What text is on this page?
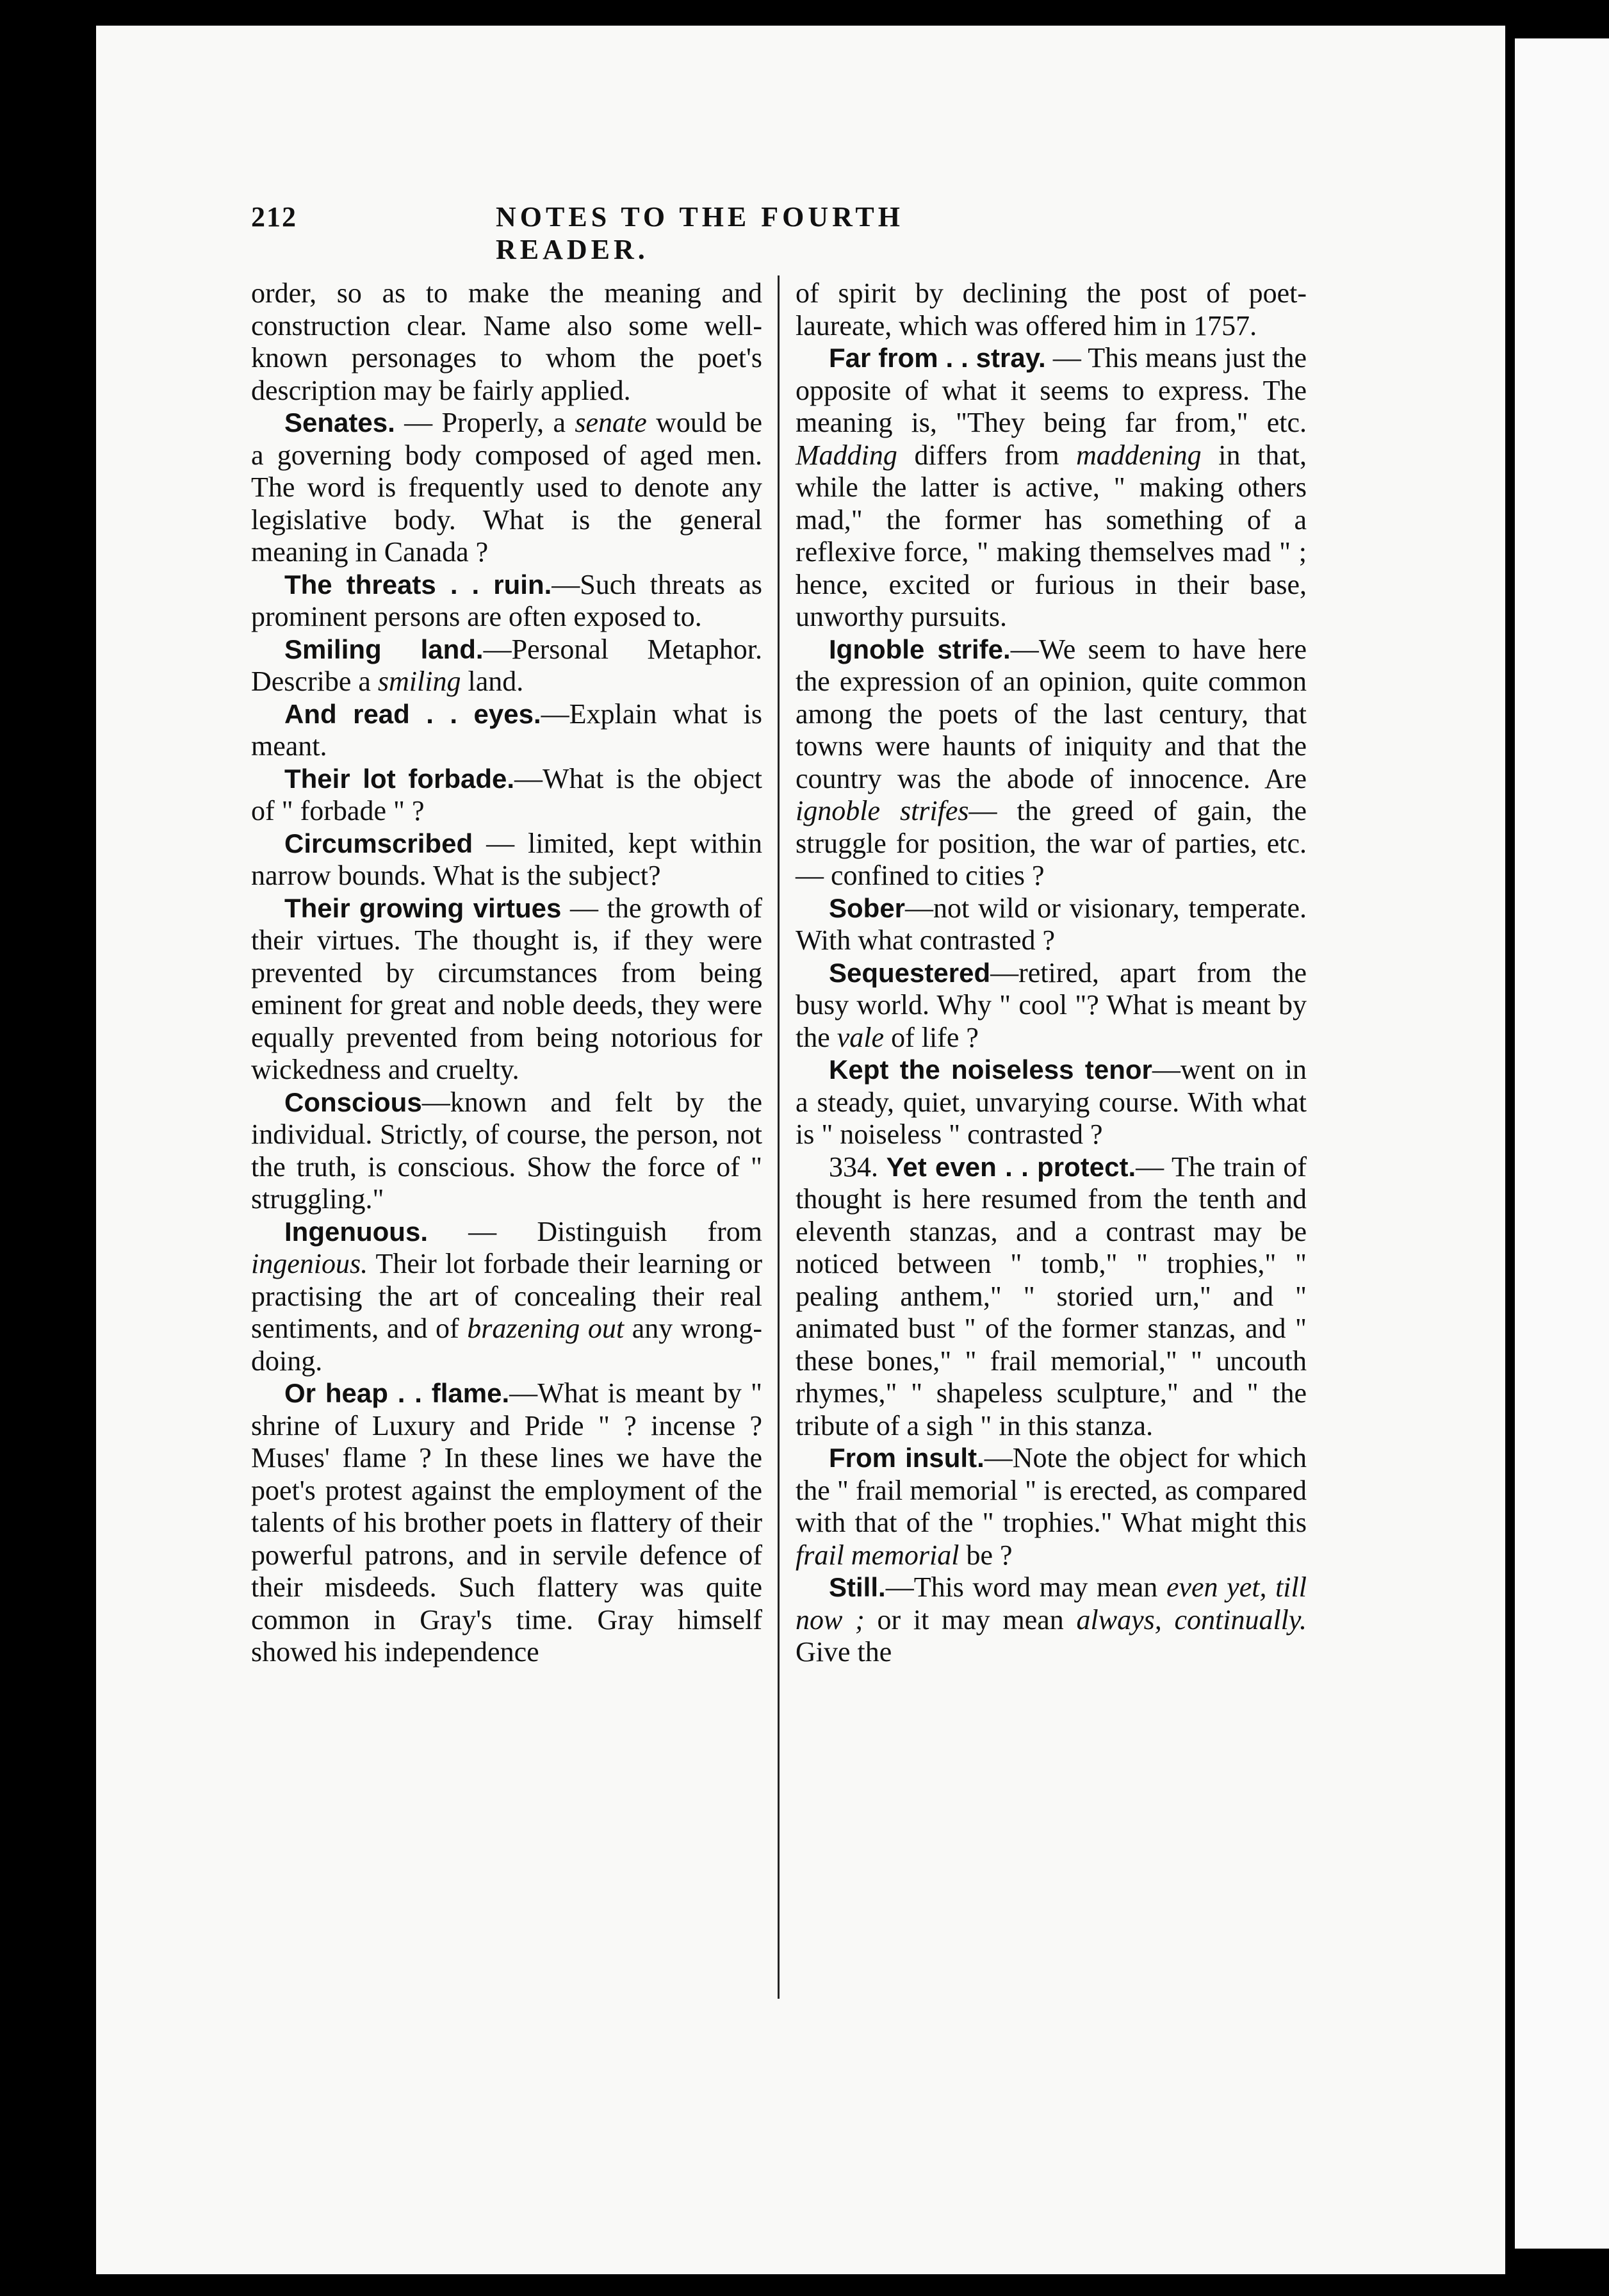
212	NOTES TO THE FOURTH READER.

order, so as to make the meaning and construction clear. Name also some well-known personages to whom the poet's description may be fairly applied.

Senates. — Properly, a senate would be a governing body composed of aged men. The word is frequently used to denote any legislative body. What is the general meaning in Canada ?

The threats . . ruin.—Such threats as prominent persons are often exposed to.

Smiling land.—Personal Metaphor. Describe a smiling land.

And read . . eyes.—Explain what is meant.

Their lot forbade.—What is the object of " forbade " ?

Circumscribed — limited, kept within narrow bounds. What is the subject?

Their growing virtues — the growth of their virtues. The thought is, if they were prevented by circumstances from being eminent for great and noble deeds, they were equally prevented from being notorious for wickedness and cruelty.

Conscious—known and felt by the individual. Strictly, of course, the person, not the truth, is conscious. Show the force of " struggling."

Ingenuous. — Distinguish from ingenious. Their lot forbade their learning or practising the art of concealing their real sentiments, and of brazening out any wrong-doing.

Or heap . . flame.—What is meant by " shrine of Luxury and Pride " ? incense ? Muses' flame ? In these lines we have the poet's protest against the employment of the talents of his brother poets in flattery of their powerful patrons, and in servile defence of their misdeeds. Such flattery was quite common in Gray's time. Gray himself showed his independence

of spirit by declining the post of poet-laureate, which was offered him in 1757.

Far from . . stray. — This means just the opposite of what it seems to express. The meaning is, "They being far from," etc. Madding differs from maddening in that, while the latter is active, " making others mad," the former has something of a reflexive force, " making themselves mad " ; hence, excited or furious in their base, unworthy pursuits.

Ignoble strife.—We seem to have here the expression of an opinion, quite common among the poets of the last century, that towns were haunts of iniquity and that the country was the abode of innocence. Are ignoble strifes— the greed of gain, the struggle for position, the war of parties, etc.— confined to cities ?

Sober—not wild or visionary, temperate. With what contrasted ?

Sequestered—retired, apart from the busy world. Why " cool "? What is meant by the vale of life ?

Kept the noiseless tenor—went on in a steady, quiet, unvarying course. With what is " noiseless " contrasted ?

334. Yet even . . protect.— The train of thought is here resumed from the tenth and eleventh stanzas, and a contrast may be noticed between " tomb," " trophies," " pealing anthem," " storied urn," and " animated bust " of the former stanzas, and " these bones," " frail memorial," " uncouth rhymes," " shapeless sculpture," and " the tribute of a sigh " in this stanza.

From insult.—Note the object for which the " frail memorial " is erected, as compared with that of the " trophies." What might this frail memorial be ?

Still.—This word may mean even yet, till now ; or it may mean always, continually. Give the
